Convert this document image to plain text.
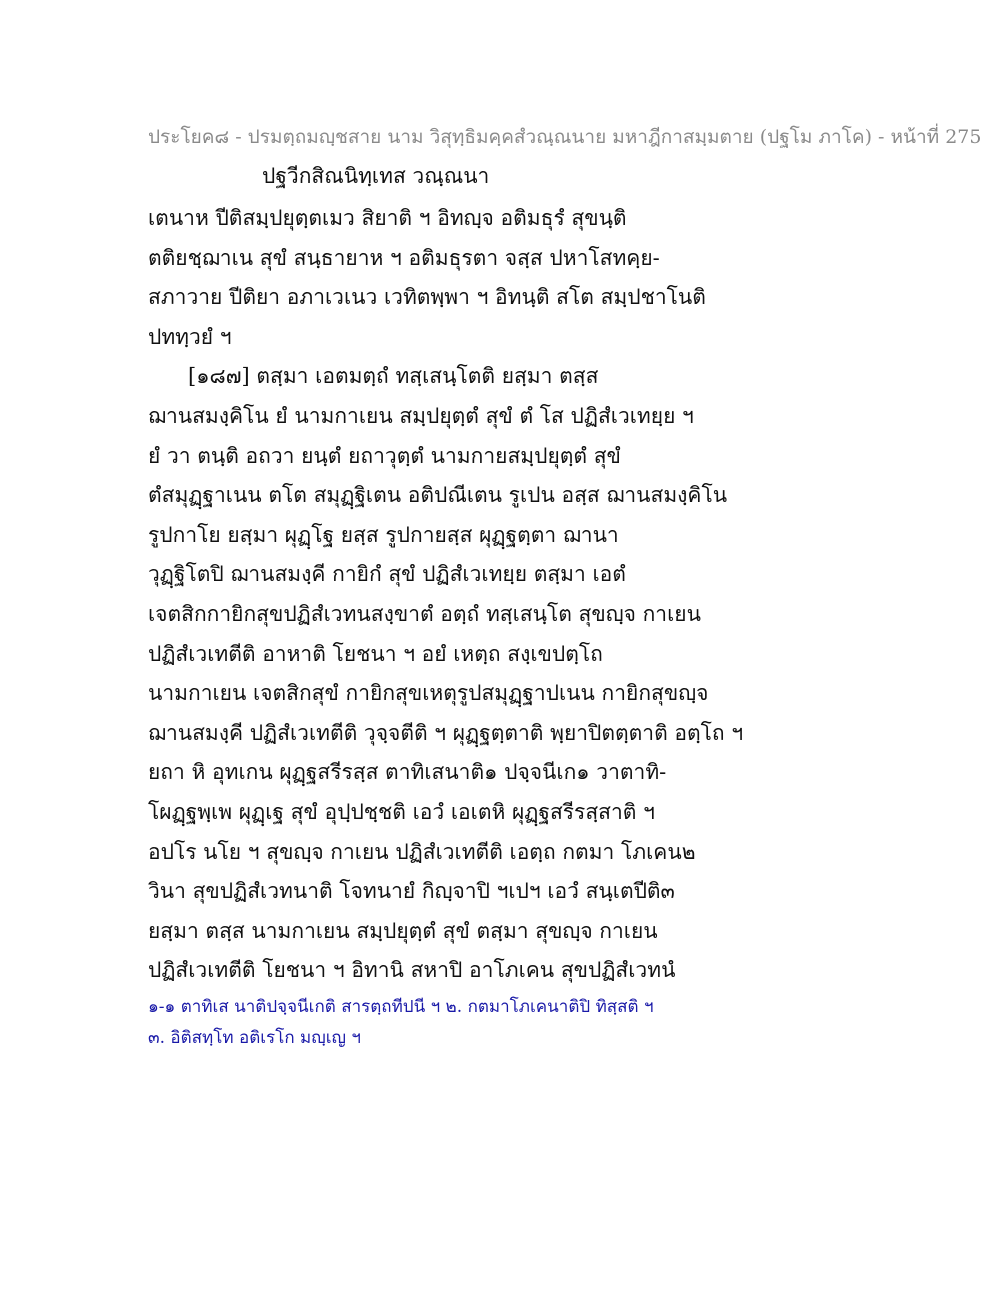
ประโยค๘ - ปรมตฺถมญฺชสาย นาม วิสุทฺธิมคฺคสํวณฺณนาย มหาฎีกาสมฺมตาย (ปฐโม ภาโค) - หน้าที่ 275
ปฐวีกสิณนิทฺเทส วณฺณนา
เตนาห ปีติสมฺปยุตฺตเมว สิยาติ ฯ อิทญฺจ อติมธุรํ สุขนฺติ
ตติยชฺฌาเน สุขํ สนฺธายาห ฯ อติมธุรตา จสฺส ปหาโสทคฺย-
สภาวาย ปีติยา อภาเวเนว เวทิตพฺพา ฯ อิทนฺติ สโต สมฺปชาโนติ
ปททฺวยํ ฯ
[๑๘๗] ตสฺมา เอตมตฺถํ ทสฺเสนฺโตติ ยสฺมา ตสฺส
ฌานสมงฺคิโน ยํ นามกาเยน สมฺปยุตฺตํ สุขํ ตํ โส ปฏิสํเวเทยฺย ฯ
ยํ วา ตนฺติ อถวา ยนฺตํ ยถาวุตฺตํ นามกายสมฺปยุตฺตํ สุขํ
ตํสมุฏฺฐาเนน ตโต สมุฏฺฐิเตน อติปณีเตน รูเปน อสฺส ฌานสมงฺคิโน
รูปกาโย ยสฺมา ผุฏฺโฐ ยสฺส รูปกายสฺส ผุฏฺฐตฺตา ฌานา
วุฏฺฐิโตปิ ฌานสมงฺคี กายิกํ สุขํ ปฏิสํเวเทยฺย ตสฺมา เอตํ
เจตสิกกายิกสุขปฏิสํเวทนสงฺขาตํ อตฺถํ ทสฺเสนฺโต สุขญฺจ กาเยน
ปฏิสํเวเทตีติ อาหาติ โยชนา ฯ อยํ เหตฺถ สงฺเขปตฺโถ
นามกาเยน เจตสิกสุขํ กายิกสุขเหตุรูปสมุฏฺฐาปเนน กายิกสุขญฺจ
ฌานสมงฺคี ปฏิสํเวเทตีติ วุจฺจตีติ ฯ ผุฏฺฐตฺตาติ พฺยาปิตตฺตาติ อตฺโถ ฯ
ยถา หิ อุทเกน ผุฏฺฐสรีรสฺส ตาทิเสนาติ๑ ปจฺจนีเก๑ วาตาทิ-
โผฏฺฐพฺเพ ผุฏฺเฐ สุขํ อุปฺปชฺชติ เอวํ เอเตหิ ผุฏฺฐสรีรสฺสาติ ฯ
อปโร นโย ฯ สุขญฺจ กาเยน ปฏิสํเวเทตีติ เอตฺถ กตมา โภเคน๒
วินา สุขปฏิสํเวทนาติ โจทนายํ กิญฺจาปิ ฯเปฯ เอวํ สนฺเตปีติ๓
ยสฺมา ตสฺส นามกาเยน สมฺปยุตฺตํ สุขํ ตสฺมา สุขญฺจ กาเยน
ปฏิสํเวเทตีติ โยชนา ฯ อิทานิ สหาปิ อาโภเคน สุขปฏิสํเวทนํ
๑-๑ ตาทิเส นาติปจฺจนีเกติ สารตฺถทีปนี ฯ ๒. กตมาโภเคนาติปิ ทิสฺสติ ฯ
๓. อิติสทฺโท อติเรโก มญฺเญ ฯ
